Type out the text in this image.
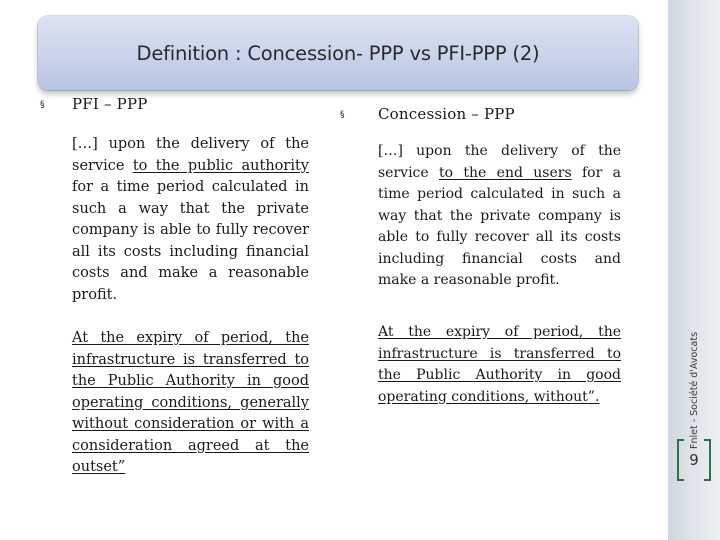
Definition : Concession- PPP vs PFI-PPP (2)
§ PFI – PPP
[…] upon the delivery of the service to the public authority for a time period calculated in such a way that the private company is able to fully recover all its costs including financial costs and make a reasonable profit.
At the expiry of period, the infrastructure is transferred to the Public Authority in good operating conditions, generally without consideration or with a consideration agreed at the outset”
§ Concession – PPP
[…] upon the delivery of the service to the end users for a time period calculated in such a way that the private company is able to fully recover all its costs including financial costs and make a reasonable profit.
At the expiry of period, the infrastructure is transferred to the Public Authority in good operating conditions, without”.	Fnlet - Société d'Avocats
9
